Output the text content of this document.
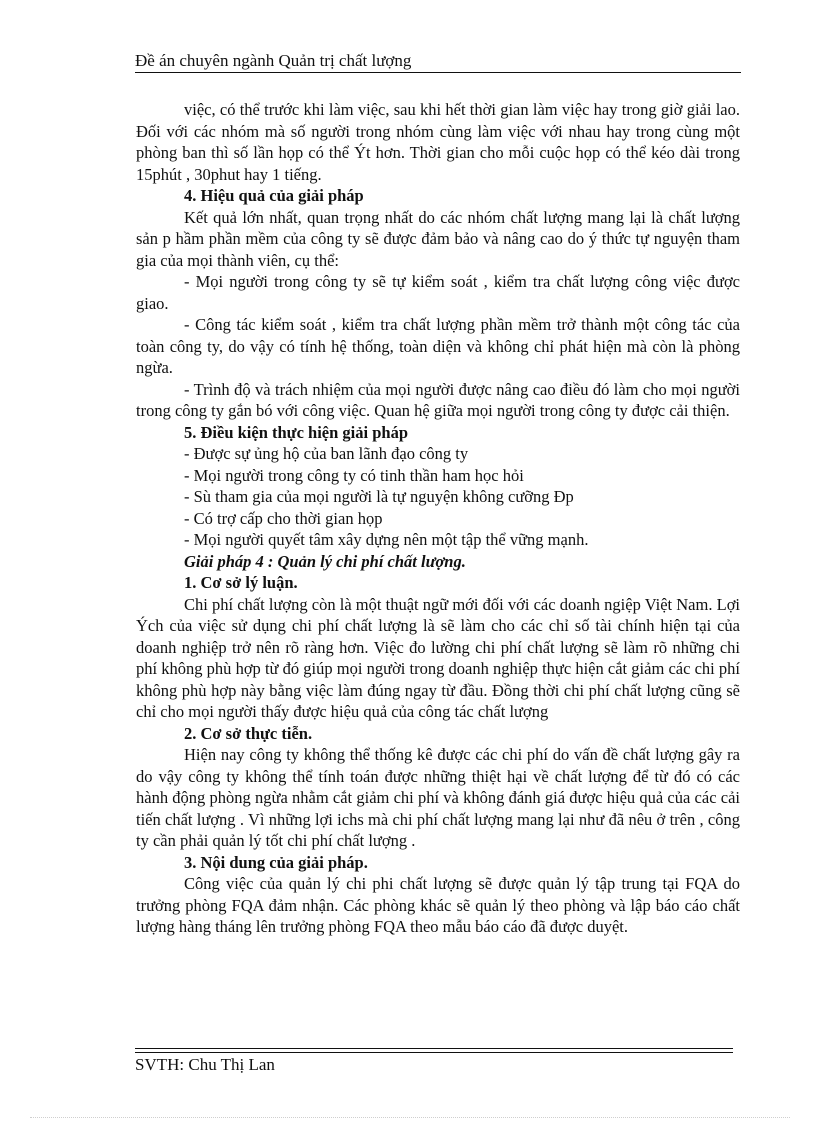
Đề án chuyên ngành Quản trị chất lượng

việc, có thể trước khi làm việc, sau khi hết thời gian làm việc hay trong giờ giải lao. Đối với các nhóm mà số người trong nhóm cùng làm việc với nhau hay trong cùng một phòng ban thì số lần họp có thể Ýt hơn. Thời gian cho mỗi cuộc họp có thể kéo dài trong 15phút , 30phut hay 1 tiếng.

4. Hiệu quả của giải pháp

Kết quả lớn nhất, quan trọng nhất do các nhóm chất lượng mang lại là chất lượng sản p hầm phần mềm của công ty sẽ được đảm bảo và nâng cao do ý thức tự nguyện tham gia của mọi thành viên, cụ thể:

- Mọi người trong công ty sẽ tự kiểm soát , kiểm tra chất lượng công việc được giao.

- Công tác kiểm soát , kiểm tra chất lượng phần mềm trở thành một công tác của toàn công ty, do vậy có tính hệ thống, toàn diện và không chỉ phát hiện mà còn là phòng ngừa.

- Trình độ và trách nhiệm của mọi người được nâng cao điều đó làm cho mọi người trong công ty gắn bó với công việc. Quan hệ giữa mọi người trong công ty được cải thiện.

5. Điều kiện thực hiện giải pháp

- Được sự ủng hộ của ban lãnh đạo công ty

- Mọi người trong công ty có tinh thần ham học hỏi

- Sù tham gia của mọi người là tự nguyện không cưỡng Ðp

- Có trợ cấp cho thời gian họp

- Mọi người quyết tâm xây dựng nên một tập thể vững mạnh.

Giải pháp 4 : Quản lý chi phí chất lượng.

1. Cơ sở lý luận.

Chi phí chất lượng còn là một thuật ngữ mới đối với các doanh ngiệp Việt Nam. Lợi Ých của việc sử dụng chi phí chất lượng là sẽ làm cho các chỉ số tài chính hiện tại của doanh nghiệp trở nên rõ ràng hơn. Việc đo lường chi phí chất lượng sẽ làm rõ những chi phí không phù hợp từ đó giúp mọi người trong doanh nghiệp thực hiện cắt giảm các chi phí không phù hợp này bằng việc làm đúng ngay từ đầu. Đồng thời chi phí chất lượng cũng sẽ chỉ cho mọi người thấy được hiệu quả của công tác chất lượng

2. Cơ sở thực tiễn.

Hiện nay công ty không thể thống kê được các chi phí do vấn đề chất lượng gây ra do vậy công ty không thể tính toán được những thiệt hại về chất lượng để từ đó có các hành động phòng ngừa nhằm cắt giảm chi phí và không đánh giá được hiệu quả của các cải tiến chất lượng . Vì những lợi ichs mà chi phí chất lượng mang lại như đã nêu ở trên , công ty cần phải quản lý tốt chi phí chất lượng .

3. Nội dung của giải pháp.

Công việc của quản lý chi phi chất lượng sẽ được quản lý tập trung tại FQA do trưởng phòng FQA đảm nhận. Các phòng khác sẽ quản lý theo phòng và lập báo cáo chất lượng hàng tháng lên trưởng phòng FQA theo mẫu báo cáo đã được duyệt.

SVTH: Chu Thị Lan
